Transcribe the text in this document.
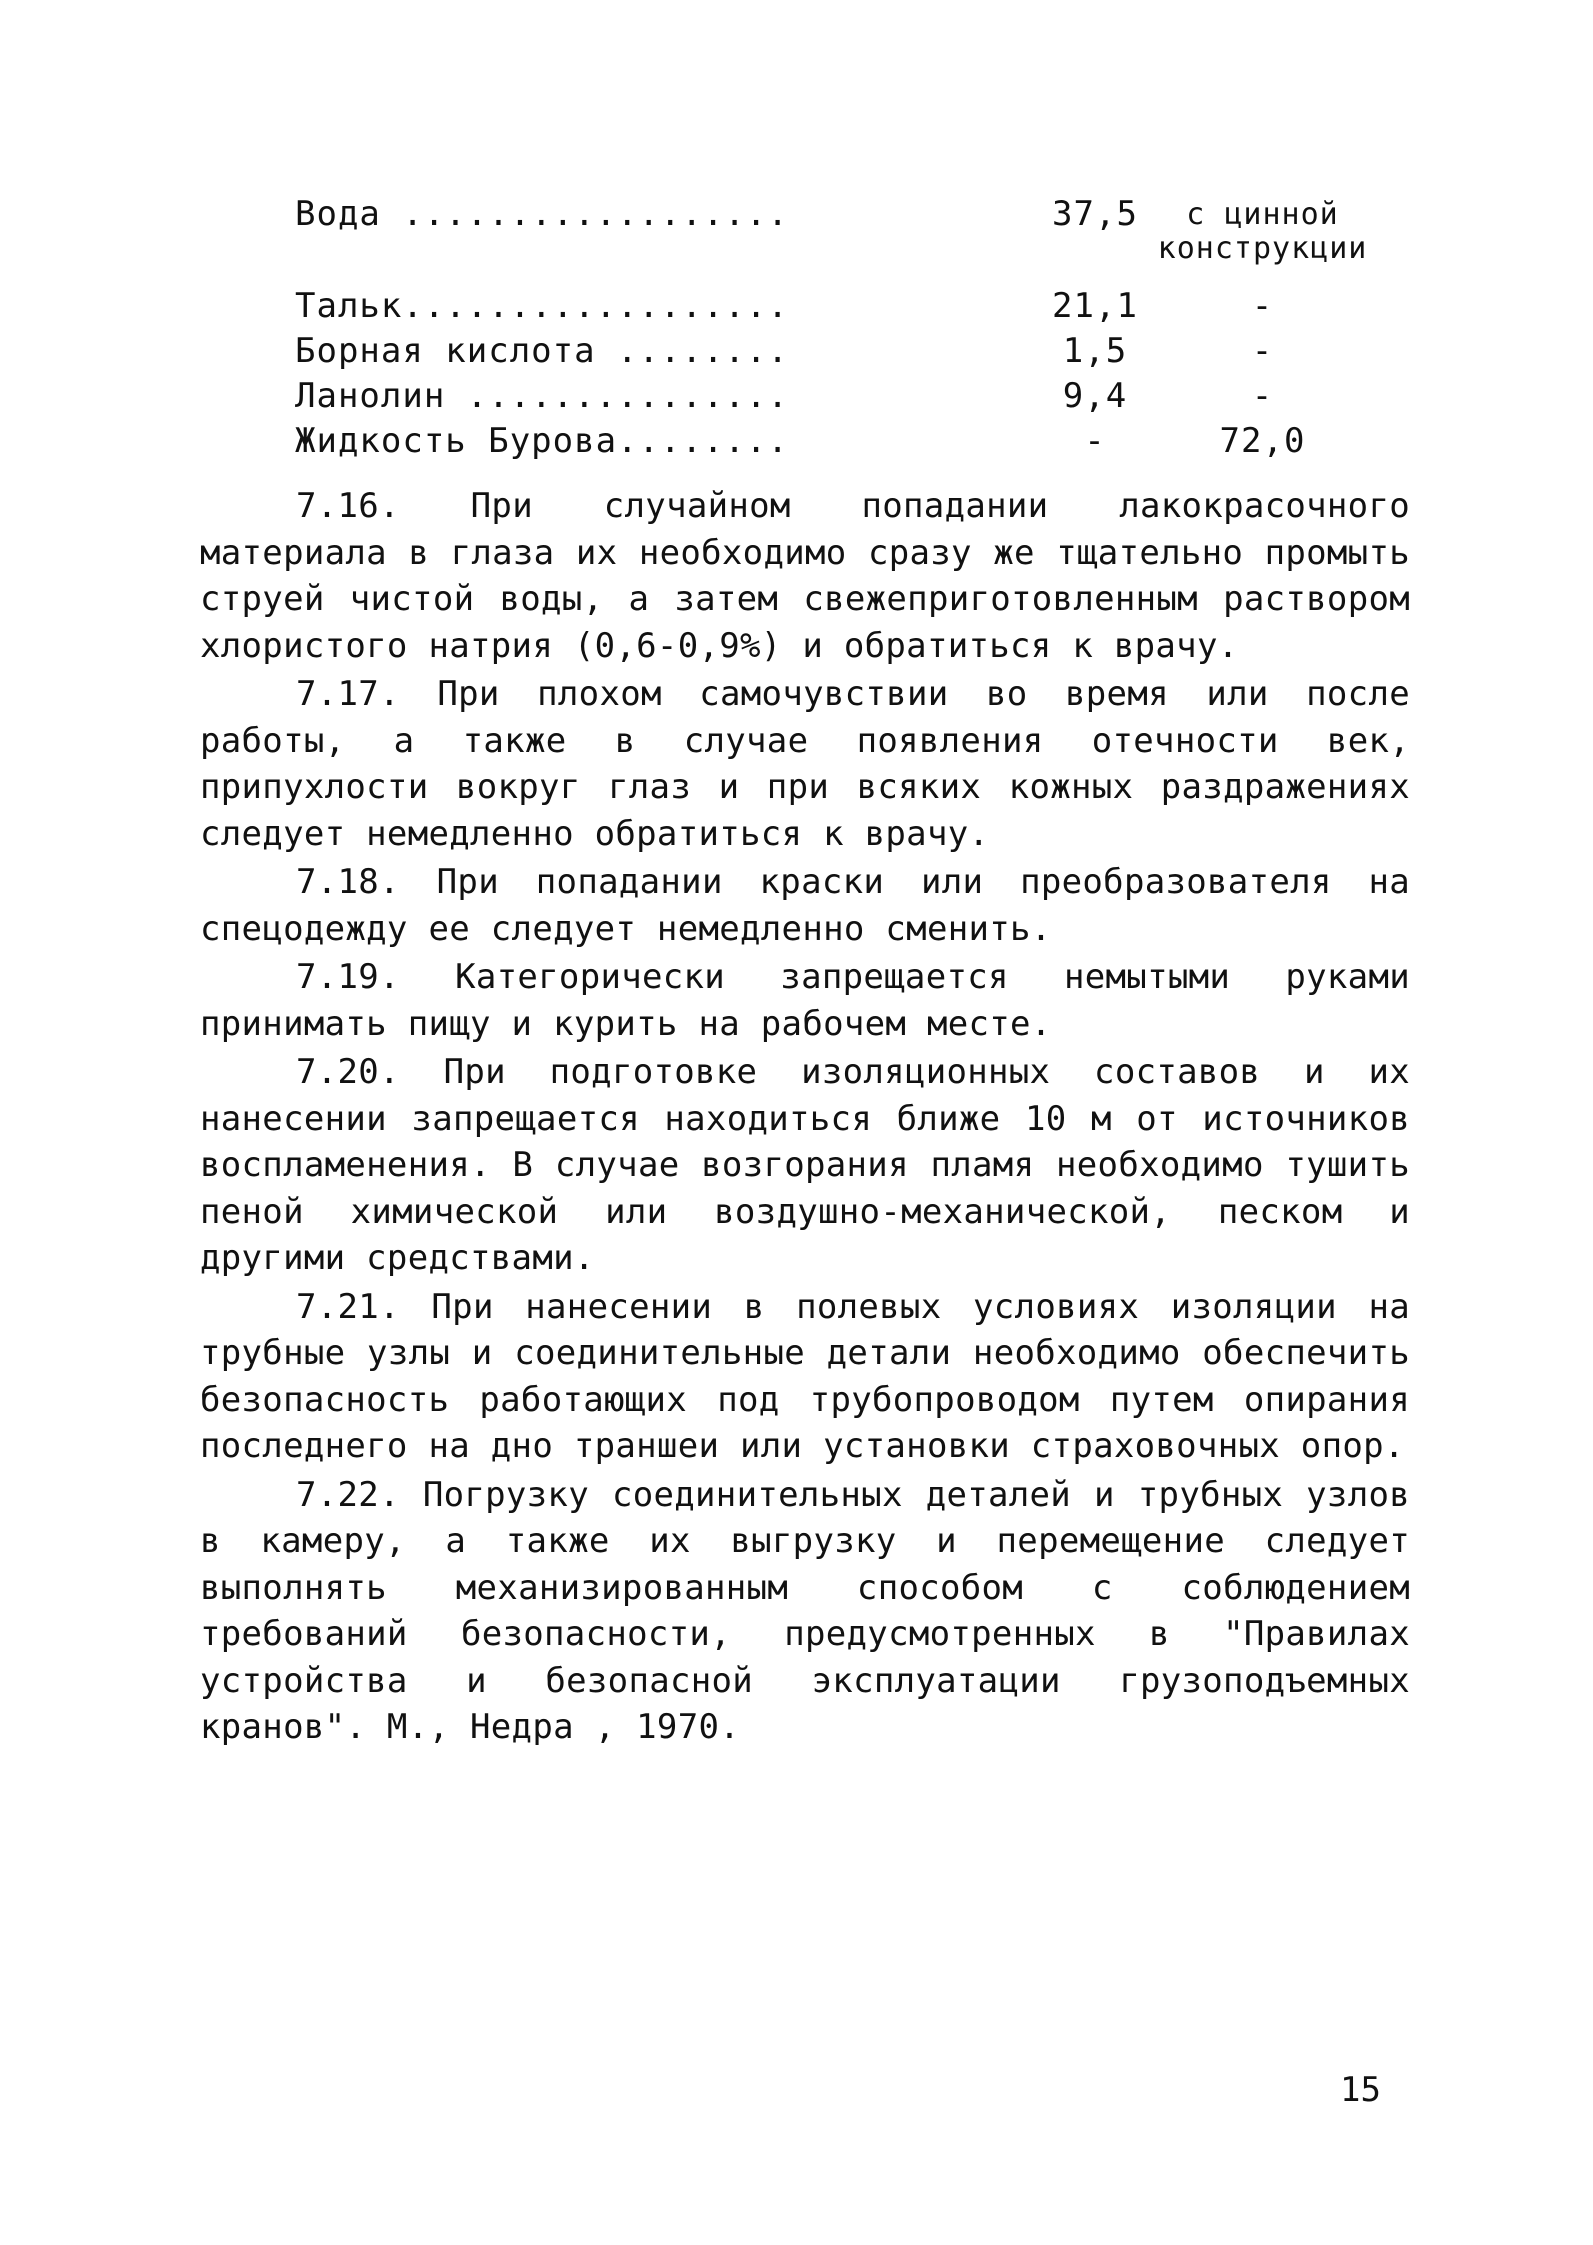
Вода ..................	37,5	с цинной
конструкции
Тальк..................	21,1	-
Борная кислота ........	1,5	-
Ланолин ...............	9,4	-
Жидкость Бурова........	-	72,0

7.16. При случайном попадании лакокрасочного материала в глаза их необходимо сразу же тщательно промыть струей чистой воды, а затем свежеприготовленным раствором хлористого натрия (0,6-0,9%) и обратиться к врачу.

7.17. При плохом самочувствии во время или после работы, а также в случае появления отечности век, припухлости вокруг глаз и при всяких кожных раздражениях следует немедленно обратиться к врачу.

7.18. При попадании краски или преобразователя на спецодежду ее следует немедленно сменить.

7.19. Категорически запрещается немытыми руками принимать пищу и курить на рабочем месте.

7.20. При подготовке изоляционных составов и их нанесении запрещается находиться ближе 10 м от источников воспламенения. В случае возгорания пламя необходимо тушить пеной химической или воздушно-механической, песком и другими средствами.

7.21. При нанесении в полевых условиях изоляции на трубные узлы и соединительные детали необходимо обеспечить безопасность работающих под трубопроводом путем опирания последнего на дно траншеи или установки страховочных опор.

7.22. Погрузку соединительных деталей и трубных узлов в камеру, а также их выгрузку и перемещение следует выполнять механизированным способом с соблюдением требований безопасности, предусмотренных в "Правилах устройства и безопасной эксплуатации грузоподъемных кранов". М., Недра , 1970.

15
